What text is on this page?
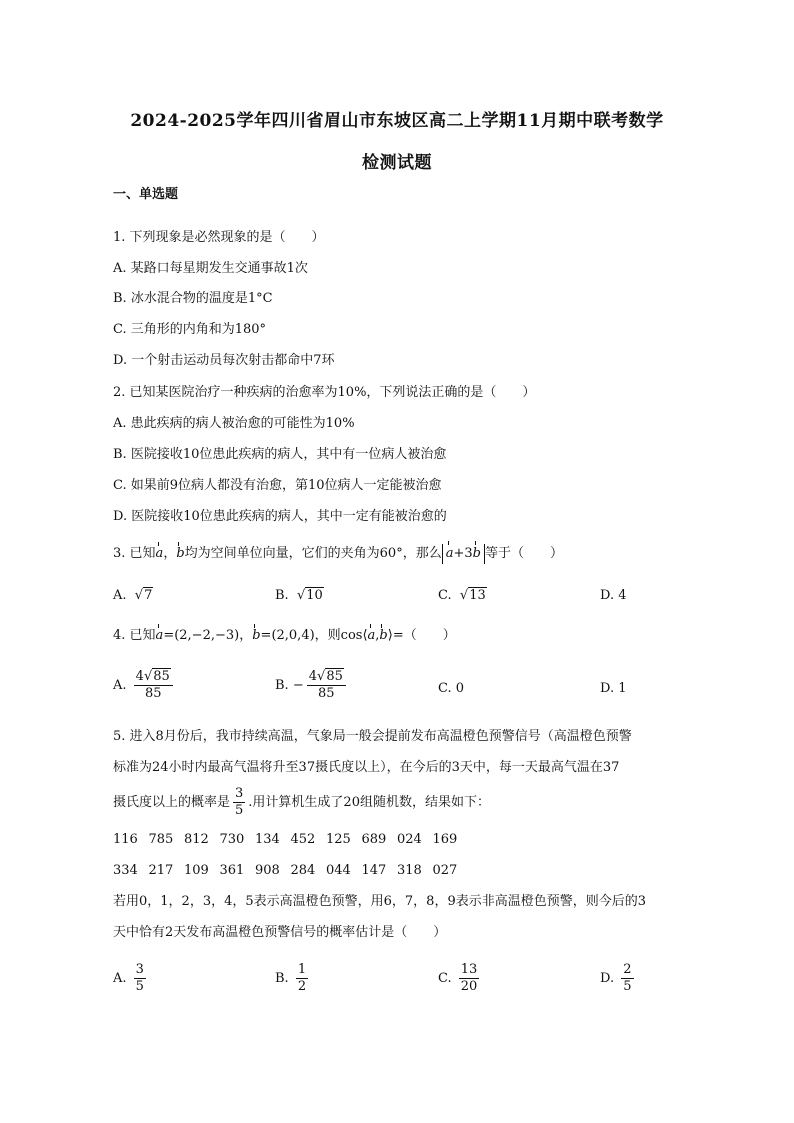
2024-2025学年四川省眉山市东坡区高二上学期11月期中联考数学
检测试题
一、单选题
1. 下列现象是必然现象的是（　　）
A. 某路口每星期发生交通事故1次
B. 冰水混合物的温度是1°C
C. 三角形的内角和为180°
D. 一个射击运动员每次射击都命中7环
2. 已知某医院治疗一种疾病的治愈率为10%，下列说法正确的是（　　）
A. 患此疾病的病人被治愈的可能性为10%
B. 医院接收10位患此疾病的病人，其中有一位病人被治愈
C. 如果前9位病人都没有治愈，第10位病人一定能被治愈
D. 医院接收10位患此疾病的病人，其中一定有能被治愈的
3. 已知a，b均为空间单位向量，它们的夹角为60°，那么 a+3b 等于（　　）
A. √7	B. √10	C. √13	D. 4
4. 已知a=(2,−2,−3)，b=(2,0,4)，则cos⟨a,b⟩=（　　）
A. $\frac{4√85}{85}$	B. − $\frac{4√85}{85}$	C. 0	D. 1
5. 进入8月份后，我市持续高温，气象局一般会提前发布高温橙色预警信号（高温橙色预警
标准为24小时内最高气温将升至37摄氏度以上），在今后的3天中，每一天最高气温在37
摄氏度以上的概率是 $\frac{3}{5}$ .用计算机生成了20组随机数，结果如下：
116 785 812 730 134 452 125 689 024 169
334 217 109 361 908 284 044 147 318 027
若用0，1，2，3，4，5表示高温橙色预警，用6，7，8，9表示非高温橙色预警，则今后的3
天中恰有2天发布高温橙色预警信号的概率估计是（　　）
A. $\frac{3}{5}$	B. $\frac{1}{2}$	C. $\frac{13}{20}$	D. $\frac{2}{5}$
